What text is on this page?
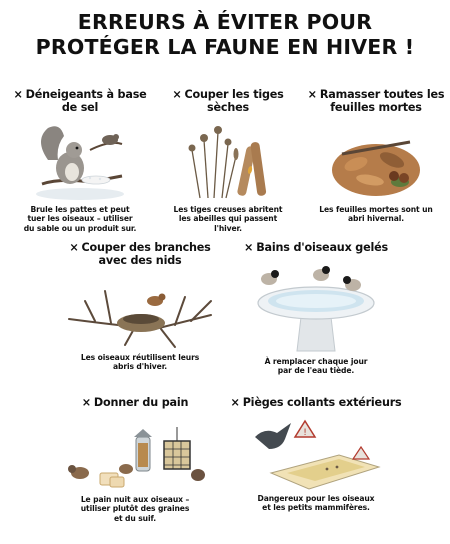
ERREURS À ÉVITER POUR
PROTÉGER LA FAUNE EN HIVER !
× Déneigeants à base
de sel

Brule les pattes et peut
tuer les oiseaux – utiliser
du sable ou un produit sur.

× Couper les tiges
sèches

Les tiges creuses abritent
les abeilles qui passent
l'hiver.

× Ramasser toutes les
feuilles mortes

Les feuilles mortes sont un
abri hivernal.

× Couper des branches
avec des nids

Les oiseaux réutilisent leurs
abris d'hiver.

× Bains d'oiseaux gelés

À remplacer chaque jour
par de l'eau tiède.

× Donner du pain

Le pain nuit aux oiseaux –
utiliser plutôt des graines
et du suif.

× Pièges collants extérieurs
!

Dangereux pour les oiseaux
et les petits mammifères.
